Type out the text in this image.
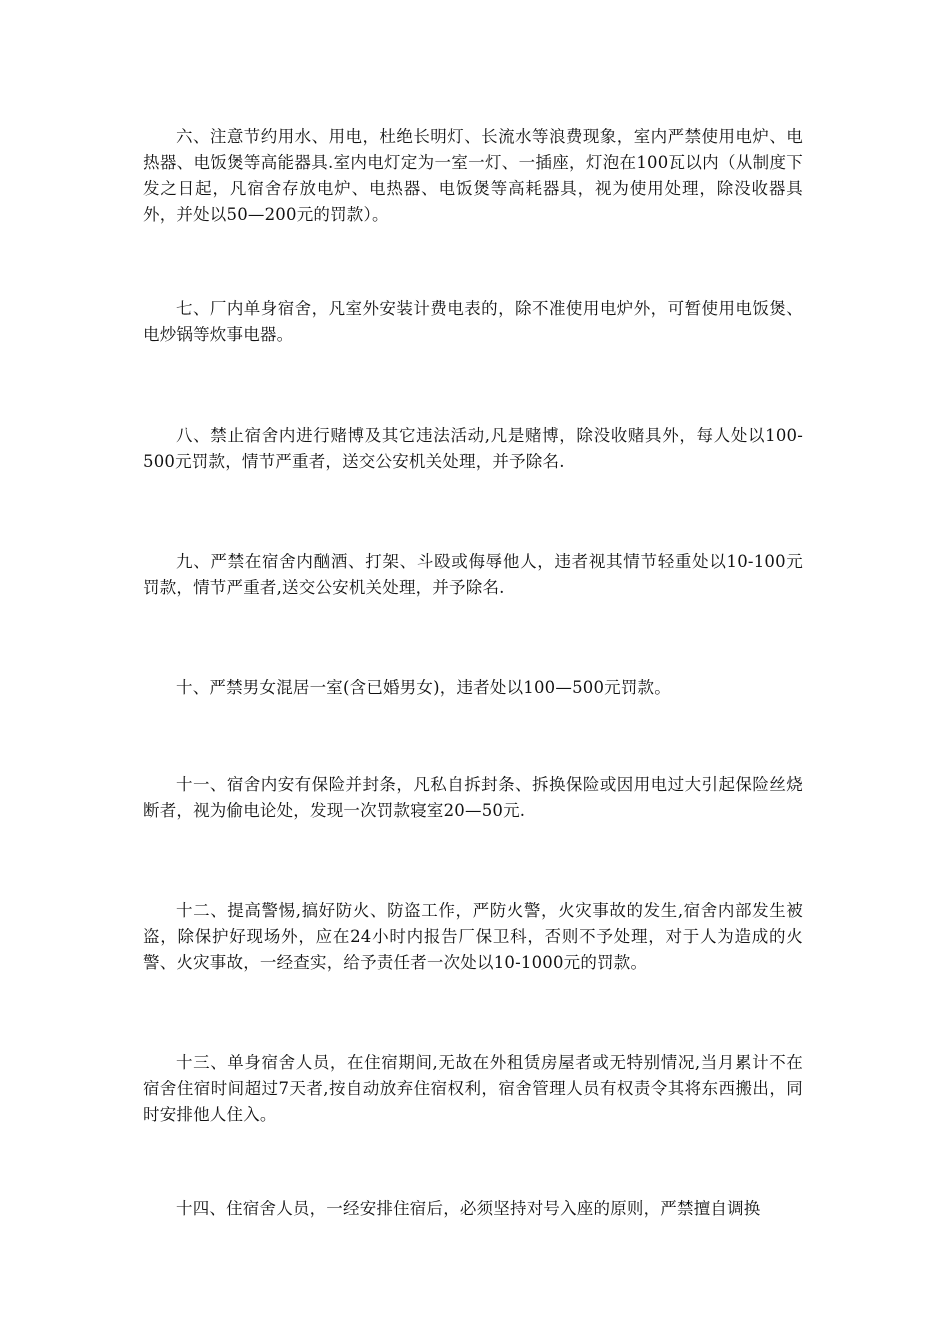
六、注意节约用水、用电，杜绝长明灯、长流水等浪费现象，室内严禁使用电炉、电热器、电饭煲等高能器具.室内电灯定为一室一灯、一插座，灯泡在100瓦以内（从制度下发之日起，凡宿舍存放电炉、电热器、电饭煲等高耗器具，视为使用处理，除没收器具外，并处以50—200元的罚款）。

七、厂内单身宿舍，凡室外安装计费电表的，除不准使用电炉外，可暂使用电饭煲、电炒锅等炊事电器。

八、禁止宿舍内进行赌博及其它违法活动,凡是赌博，除没收赌具外，每人处以100-500元罚款，情节严重者，送交公安机关处理，并予除名.

九、严禁在宿舍内酗酒、打架、斗殴或侮辱他人，违者视其情节轻重处以10-100元罚款，情节严重者,送交公安机关处理，并予除名.

十、严禁男女混居一室(含已婚男女)，违者处以100—500元罚款。

十一、宿舍内安有保险并封条，凡私自拆封条、拆换保险或因用电过大引起保险丝烧断者，视为偷电论处，发现一次罚款寝室20—50元.

十二、提高警惕,搞好防火、防盗工作，严防火警，火灾事故的发生,宿舍内部发生被盗，除保护好现场外，应在24小时内报告厂保卫科，否则不予处理，对于人为造成的火警、火灾事故，一经查实，给予责任者一次处以10-1000元的罚款。

十三、单身宿舍人员，在住宿期间,无故在外租赁房屋者或无特别情况,当月累计不在宿舍住宿时间超过7天者,按自动放弃住宿权利，宿舍管理人员有权责令其将东西搬出，同时安排他人住入。

十四、住宿舍人员，一经安排住宿后，必须坚持对号入座的原则，严禁擅自调换
